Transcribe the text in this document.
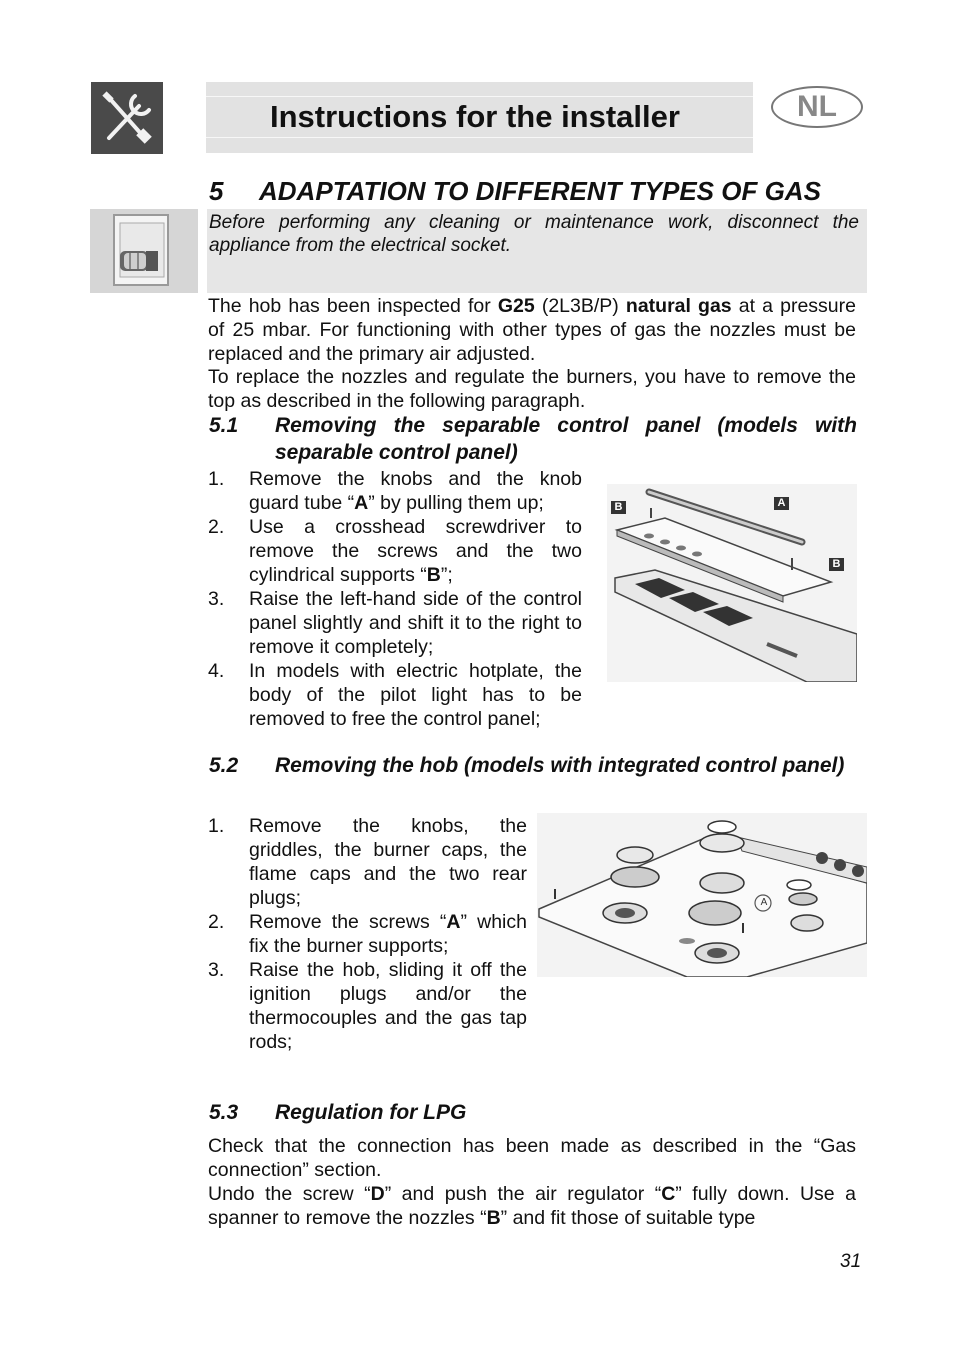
Instructions for the installer	NL
5 ADAPTATION TO DIFFERENT TYPES OF GAS
Before performing any cleaning or maintenance work, disconnect the appliance from the electrical socket.
The hob has been inspected for G25 (2L3B/P) natural gas at a pressure of 25 mbar. For functioning with other types of gas the nozzles must be replaced and the primary air adjusted.
To replace the nozzles and regulate the burners, you have to remove the top as described in the following paragraph.
5.1 Removing the separable control panel (models with separable control panel)
1. Remove the knobs and the knob guard tube “A” by pulling them up;
2. Use a crosshead screwdriver to remove the screws and the two cylindrical supports “B”;
3. Raise the left-hand side of the control panel slightly and shift it to the right to remove it completely;
4. In models with electric hotplate, the body of the pilot light has to be removed to free the control panel;
B	A
B
5.2 Removing the hob (models with integrated control panel)
1. Remove the knobs, the griddles, the burner caps, the flame caps and the two rear plugs;
2. Remove the screws “A” which fix the burner supports;
3. Raise the hob, sliding it off the ignition plugs and/or the thermocouples and the gas tap rods;
A
5.3 Regulation for LPG
Check that the connection has been made as described in the “Gas connection” section.
Undo the screw “D” and push the air regulator “C” fully down. Use a spanner to remove the nozzles “B” and fit those of suitable type
31
